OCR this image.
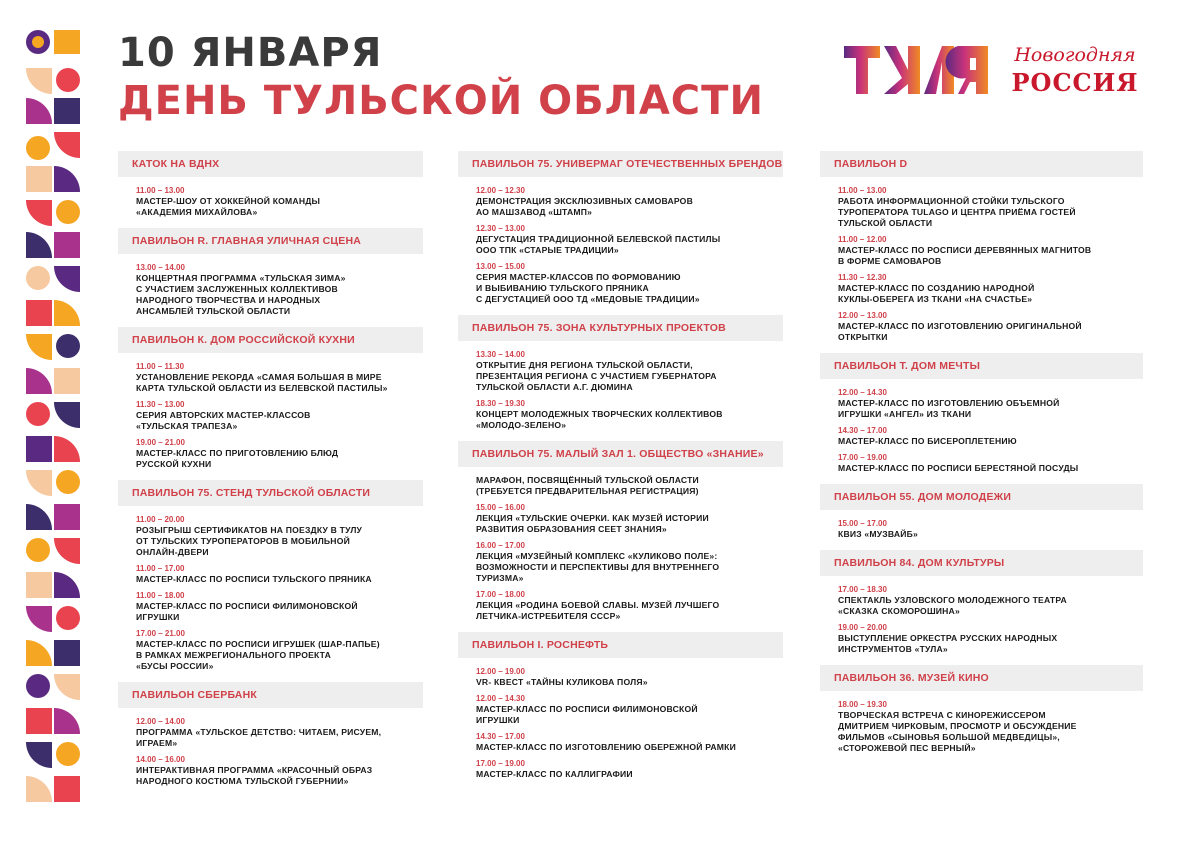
10 ЯНВАРЯ
ДЕНЬ ТУЛЬСКОЙ ОБЛАСТИ
Новогодняя
РОССИЯ
КАТОК НА ВДНХ
11.00 – 13.00
МАСТЕР-ШОУ ОТ ХОККЕЙНОЙ КОМАНДЫ
«АКАДЕМИЯ МИХАЙЛОВА»
ПАВИЛЬОН R. ГЛАВНАЯ УЛИЧНАЯ СЦЕНА
13.00 – 14.00
КОНЦЕРТНАЯ ПРОГРАММА «ТУЛЬСКАЯ ЗИМА»
С УЧАСТИЕМ ЗАСЛУЖЕННЫХ КОЛЛЕКТИВОВ
НАРОДНОГО ТВОРЧЕСТВА И НАРОДНЫХ
АНСАМБЛЕЙ ТУЛЬСКОЙ ОБЛАСТИ
ПАВИЛЬОН К. ДОМ РОССИЙСКОЙ КУХНИ
11.00 – 11.30
УСТАНОВЛЕНИЕ РЕКОРДА «САМАЯ БОЛЬШАЯ В МИРЕ
КАРТА ТУЛЬСКОЙ ОБЛАСТИ ИЗ БЕЛЕВСКОЙ ПАСТИЛЫ»
11.30 – 13.00
СЕРИЯ АВТОРСКИХ МАСТЕР-КЛАССОВ
«ТУЛЬСКАЯ ТРАПЕЗА»
19.00 – 21.00
МАСТЕР-КЛАСС ПО ПРИГОТОВЛЕНИЮ БЛЮД
РУССКОЙ КУХНИ
ПАВИЛЬОН 75. СТЕНД ТУЛЬСКОЙ ОБЛАСТИ
11.00 – 20.00
РОЗЫГРЫШ СЕРТИФИКАТОВ НА ПОЕЗДКУ В ТУЛУ
ОТ ТУЛЬСКИХ ТУРОПЕРАТОРОВ В МОБИЛЬНОЙ
ОНЛАЙН-ДВЕРИ
11.00 – 17.00
МАСТЕР-КЛАСС ПО РОСПИСИ ТУЛЬСКОГО ПРЯНИКА
11.00 – 18.00
МАСТЕР-КЛАСС ПО РОСПИСИ ФИЛИМОНОВСКОЙ
ИГРУШКИ
17.00 – 21.00
МАСТЕР-КЛАСС ПО РОСПИСИ ИГРУШЕК (ШАР-ПАПЬЕ)
В РАМКАХ МЕЖРЕГИОНАЛЬНОГО ПРОЕКТА
«БУСЫ РОССИИ»
ПАВИЛЬОН СБЕРБАНК
12.00 – 14.00
ПРОГРАММА «ТУЛЬСКОЕ ДЕТСТВО: ЧИТАЕМ, РИСУЕМ,
ИГРАЕМ»
14.00 – 16.00
ИНТЕРАКТИВНАЯ ПРОГРАММА «КРАСОЧНЫЙ ОБРАЗ
НАРОДНОГО КОСТЮМА ТУЛЬСКОЙ ГУБЕРНИИ»
ПАВИЛЬОН 75. УНИВЕРМАГ ОТЕЧЕСТВЕННЫХ БРЕНДОВ
12.00 – 12.30
ДЕМОНСТРАЦИЯ ЭКСКЛЮЗИВНЫХ САМОВАРОВ
АО МАШЗАВОД «ШТАМП»
12.30 – 13.00
ДЕГУСТАЦИЯ ТРАДИЦИОННОЙ БЕЛЕВСКОЙ ПАСТИЛЫ
ООО ТПК «СТАРЫЕ ТРАДИЦИИ»
13.00 – 15.00
СЕРИЯ МАСТЕР-КЛАССОВ ПО ФОРМОВАНИЮ
И ВЫБИВАНИЮ ТУЛЬСКОГО ПРЯНИКА
С ДЕГУСТАЦИЕЙ ООО ТД «МЕДОВЫЕ ТРАДИЦИИ»
ПАВИЛЬОН 75. ЗОНА КУЛЬТУРНЫХ ПРОЕКТОВ
13.30 – 14.00
ОТКРЫТИЕ ДНЯ РЕГИОНА ТУЛЬСКОЙ ОБЛАСТИ,
ПРЕЗЕНТАЦИЯ РЕГИОНА С УЧАСТИЕМ ГУБЕРНАТОРА
ТУЛЬСКОЙ ОБЛАСТИ А.Г. ДЮМИНА
18.30 – 19.30
КОНЦЕРТ МОЛОДЕЖНЫХ ТВОРЧЕСКИХ КОЛЛЕКТИВОВ
«МОЛОДО-ЗЕЛЕНО»
ПАВИЛЬОН 75. МАЛЫЙ ЗАЛ 1. ОБЩЕСТВО «ЗНАНИЕ»
МАРАФОН, ПОСВЯЩЁННЫЙ ТУЛЬСКОЙ ОБЛАСТИ
(ТРЕБУЕТСЯ ПРЕДВАРИТЕЛЬНАЯ РЕГИСТРАЦИЯ)
15.00 – 16.00
ЛЕКЦИЯ «ТУЛЬСКИЕ ОЧЕРКИ. КАК МУЗЕЙ ИСТОРИИ
РАЗВИТИЯ ОБРАЗОВАНИЯ СЕЕТ ЗНАНИЯ»
16.00 – 17.00
ЛЕКЦИЯ «МУЗЕЙНЫЙ КОМПЛЕКС «КУЛИКОВО ПОЛЕ»:
ВОЗМОЖНОСТИ И ПЕРСПЕКТИВЫ ДЛЯ ВНУТРЕННЕГО
ТУРИЗМА»
17.00 – 18.00
ЛЕКЦИЯ «РОДИНА БОЕВОЙ СЛАВЫ. МУЗЕЙ ЛУЧШЕГО
ЛЕТЧИКА-ИСТРЕБИТЕЛЯ СССР»
ПАВИЛЬОН I. РОСНЕФТЬ
12.00 – 19.00
VR- КВЕСТ «ТАЙНЫ КУЛИКОВА ПОЛЯ»
12.00 – 14.30
МАСТЕР-КЛАСС ПО РОСПИСИ ФИЛИМОНОВСКОЙ
ИГРУШКИ
14.30 – 17.00
МАСТЕР-КЛАСС ПО ИЗГОТОВЛЕНИЮ ОБЕРЕЖНОЙ РАМКИ
17.00 – 19.00
МАСТЕР-КЛАСС ПО КАЛЛИГРАФИИ
ПАВИЛЬОН D
11.00 – 13.00
РАБОТА ИНФОРМАЦИОННОЙ СТОЙКИ ТУЛЬСКОГО
ТУРОПЕРАТОРА TULAGO И ЦЕНТРА ПРИЁМА ГОСТЕЙ
ТУЛЬСКОЙ ОБЛАСТИ
11.00 – 12.00
МАСТЕР-КЛАСС ПО РОСПИСИ ДЕРЕВЯННЫХ МАГНИТОВ
В ФОРМЕ САМОВАРОВ
11.30 – 12.30
МАСТЕР-КЛАСС ПО СОЗДАНИЮ НАРОДНОЙ
КУКЛЫ-ОБЕРЕГА ИЗ ТКАНИ «НА СЧАСТЬЕ»
12.00 – 13.00
МАСТЕР-КЛАСС ПО ИЗГОТОВЛЕНИЮ ОРИГИНАЛЬНОЙ
ОТКРЫТКИ
ПАВИЛЬОН Т. ДОМ МЕЧТЫ
12.00 – 14.30
МАСТЕР-КЛАСС ПО ИЗГОТОВЛЕНИЮ ОБЪЕМНОЙ
ИГРУШКИ «АНГЕЛ» ИЗ ТКАНИ
14.30 – 17.00
МАСТЕР-КЛАСС ПО БИСЕРОПЛЕТЕНИЮ
17.00 – 19.00
МАСТЕР-КЛАСС ПО РОСПИСИ БЕРЕСТЯНОЙ ПОСУДЫ
ПАВИЛЬОН 55. ДОМ МОЛОДЕЖИ
15.00 – 17.00
КВИЗ «МУЗВАЙБ»
ПАВИЛЬОН 84. ДОМ КУЛЬТУРЫ
17.00 – 18.30
СПЕКТАКЛЬ УЗЛОВСКОГО МОЛОДЕЖНОГО ТЕАТРА
«СКАЗКА СКОМОРОШИНА»
19.00 – 20.00
ВЫСТУПЛЕНИЕ ОРКЕСТРА РУССКИХ НАРОДНЫХ
ИНСТРУМЕНТОВ «ТУЛА»
ПАВИЛЬОН 36. МУЗЕЙ КИНО
18.00 – 19.30
ТВОРЧЕСКАЯ ВСТРЕЧА С КИНОРЕЖИССЕРОМ
ДМИТРИЕМ ЧИРКОВЫМ, ПРОСМОТР И ОБСУЖДЕНИЕ
ФИЛЬМОВ «СЫНОВЬЯ БОЛЬШОЙ МЕДВЕДИЦЫ»,
«СТОРОЖЕВОЙ ПЕС ВЕРНЫЙ»
